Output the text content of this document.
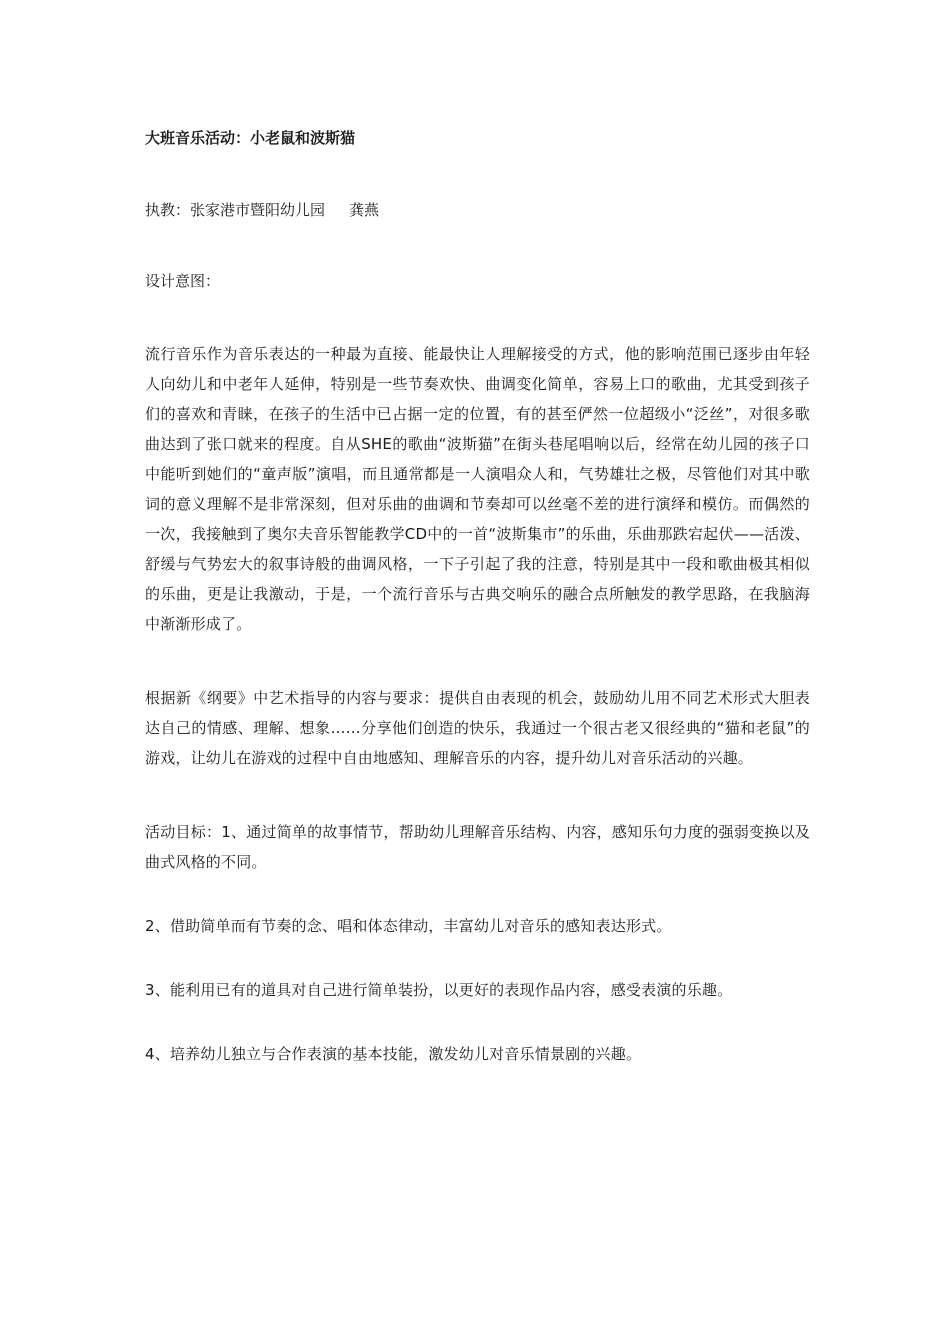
大班音乐活动：小老鼠和波斯猫

执教：张家港市暨阳幼儿园 龚燕

设计意图：

流行音乐作为音乐表达的一种最为直接、能最快让人理解接受的方式，他的影响范围已逐步由年轻人向幼儿和中老年人延伸，特别是一些节奏欢快、曲调变化简单，容易上口的歌曲，尤其受到孩子们的喜欢和青睐，在孩子的生活中已占据一定的位置，有的甚至俨然一位超级小“泛丝”，对很多歌曲达到了张口就来的程度。自从SHE的歌曲“波斯猫”在街头巷尾唱响以后，经常在幼儿园的孩子口中能听到她们的“童声版”演唱，而且通常都是一人演唱众人和，气势雄壮之极，尽管他们对其中歌词的意义理解不是非常深刻，但对乐曲的曲调和节奏却可以丝毫不差的进行演绎和模仿。而偶然的一次，我接触到了奥尔夫音乐智能教学CD中的一首“波斯集市”的乐曲，乐曲那跌宕起伏——活泼、舒缓与气势宏大的叙事诗般的曲调风格，一下子引起了我的注意，特别是其中一段和歌曲极其相似的乐曲，更是让我激动，于是，一个流行音乐与古典交响乐的融合点所触发的教学思路，在我脑海中渐渐形成了。

根据新《纲要》中艺术指导的内容与要求：提供自由表现的机会，鼓励幼儿用不同艺术形式大胆表达自己的情感、理解、想象……分享他们创造的快乐，我通过一个很古老又很经典的“猫和老鼠”的游戏，让幼儿在游戏的过程中自由地感知、理解音乐的内容，提升幼儿对音乐活动的兴趣。

活动目标：1、通过简单的故事情节，帮助幼儿理解音乐结构、内容，感知乐句力度的强弱变换以及曲式风格的不同。

2、借助简单而有节奏的念、唱和体态律动，丰富幼儿对音乐的感知表达形式。

3、能利用已有的道具对自己进行简单装扮，以更好的表现作品内容，感受表演的乐趣。

4、培养幼儿独立与合作表演的基本技能，激发幼儿对音乐情景剧的兴趣。
